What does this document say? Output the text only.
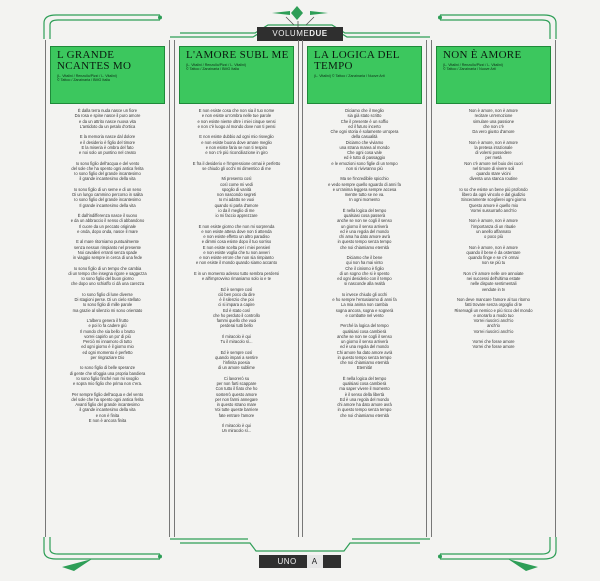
VOLUMEDUE
L GRANDE NCANTES MO
(L. Vitalini / Renzullo/Pizzi / L. Vitalini)
© Tattoo / Zanzinaria / BMG Italia
È dalla terra nuda nasce un fiore
Da rosa e spine nasce il puro amore
e da un attrito nasce nuova vita
L'antidoto da un petalo d'ortica
E la memoria nasce dal dolore
e il desiderio è figlio del timore
E la miseria è ombra del fato
e noi solo un puntino nel creato
Io sono figlio dell'acqua e del vento
del sole che ha spento ogni antica ferita
Io sono figlio del grande incantesimo
il grande incantesimo della vita
Io sono figlio di un seme e di un seno
Di un lungo cammino percorso in salita
Io sono figlio del grande incantesimo
Il grande incantesimo della vita
È dall'indifferenza nasce il suono
e da un abbraccio il senso di abbandono
Il cuore da un peccato originale
e onda, dopo onda, nasce il mare
E al mare ritorniamo puntualmente
senza nessun rimpianto nel presente
Noi cavalieri erranti senza spade
in viaggio sempre in cerca di una fede
Io sono figlio di un tempo che cambia
di un tempo che insegna rigore e saggezza
Io sono figlio del buon giorno
che dopo uno schiaffo ci dà una carezza
Io sono figlio di lune diverse
Di stagioni perse. Di un cielo stellato
Io sono figlio di mille parole
ma grazie al silenzio mi sono orientato
L'albero genera il frutto
e poi lo fa cadere giù
Il mondo che sia bello o brutto
vorrei capirlo un po' di più
Perciò mi innamoro di tutto
ed ogni giorno è il giorno mio
ed ogni momento è perfetto
per ringraziare Dio
Io sono figlio di belle speranze
di gente che sfoggia una propria bandiera
Io sono figlio finché non mi svoglio
e sopra mio figlio che prima non c'era.
Per sempre figlio dell'acqua e del vento
del sole che ha spento ogni antica ferita
Avanti figlio del grande incantesimo
il grande incantesimo della vita
e non è finita
E non è ancora finita
L'AMORE SUBL ME
(L. Vitalini / Renzullo/Pizzi / L. Vitalini)
© Tattoo / Zanzinaria / BMG Italia
E non esiste cosa che non sia il tuo nome
e non esiste un'ombra nelle tue parole
e non esiste niente oltre i miei cinque sensi
e non c'è luogo al mondo dove non ti pensi
E non esiste dubbio ad ogni mio risveglio
e non esiste buona dove amare meglio
e non esiste faria se non ti respiro
e non c'è più riconciliazione in giro
E fra il desiderio e l'impressione ormai è perfetto
se chiudo gli occhi mi dimentico di me
Mi presento così
così come mi vedi
spoglio di vanità
non nascondo segreti
Io mi adatto se vuoi
quando si parla d'amore
io da il meglio di me
io mi faccio apprezzare
E non esiste giorno che non mi sorprenda
e non esiste attesa dove non ti attenda
e non esiste effetto un altro paradiso
e dimmi cosa esiste dopo il tuo sorriso
E non esiste scelta per i miei pensieri
e non esiste voglia che tu non avveri
e non esiste errore che non sia rimpianto
e non esiste il mondo quando siamo accanto
E in un momento adesso tutto sembra perdersi
e all'improvviso rimaniamo solo io e te
Ed è sempre così
ciò ben poco da dire
è il silenzio che poi
ci si impara a capire
Ed è stato così
che ho perduto il controllo
fammi quello che vuoi
perderai tutti bello
Il miracolo è qui
Tu il miracolo sì...
Ed è sempre così
quando impari a sentire
l'infinita poesia
di un amore sublime
Ci lavorerò su
per non farti scappare
Con tutto il fiato che ho
sosterrò questo amore
per non farmi annegare
in questo strano mare
Voi tutte queste barriere
fate entrare l'amore
Il miracolo è qui
Un miracolo sì...
LA LOGICA DEL TEMPO
(L. Vitalini) © Tattoo / Zanzinaria / Nuove Arti
Diciamo che il meglio
sia già stato scritto
Che il presente è un soffio
ed il futuro incerto
Che ogni storia è solamente un'opera
della casualità
Diciamo che viviamo
una strana marea al mondo
Che ogni cosa vale
ed è tutto di passaggio
e le emozioni sono figlie di un tempo
non si rivivranno più
Ma se l'incredibile spicchio
e vedo sempre quello sguardo di anni fa
e un'anima leggera sempre accesa
mentre tutto se ne va.
In ogni momento
È nella logica del tempo
qualsiasi cosa passerà
anche se non ne cogli il senso
un giorno il senso arriverà
ed è una regola del mondo
chi ama ha dato amore avrà
in questo tempo senza tempo
che noi chiamiamo eternità
Diciamo che il bene
qui non ha mai vinto
Che il cinismo è figlio
di un sogno che si è spento
ed ogni desiderio con il tempo
si nasconde alla realtà
Io invece chiudo gli occhi
e ho sempre l'entusiasmo di anni fa
La mia anima non cambia
sogna ancora, sogna e sognerà
e combatte nel vento
Perché la logica del tempo
qualsiasi cosa cambierà
anche se non ne cogli il senso
un giorno il senso arriverà
ed è una regola del mondo
Chi amore ha dato amore avrà
in questo tempo senza tempo
che noi chiamiamo eternità
Eternità!
È nella logica del tempo
qualsiasi cosa cambierà
ma saper vivere il momento
è il senso della libertà
Ed è una regola del mondo
chi amore ha dato amore avrà
in questo tempo senza tempo
che noi chiamiamo eternità
NON È AMORE
(L. Vitalini / Renzullo/Pizzi / L. Vitalini)
© Tattoo / Zanzinaria / Nuove Arti
Non è amore, non è amore
recitare un'emozione
simulare una passione
che non c'è
Da vero giusto d'amore
Non è amore, non è amore
la pretesa irrazionale
di volersi possedere
per metà
Non c'è amore nel buio dei cuori
nel timore di vivere soli
quando stare vicini
diventa una stanca routine
Io so che esiste un bene più profondo
libero da ogni vincolo e dal giudizio
Sinceramente sceglierei ogni giorno
Questo amore è quello mio
Vorrei sussurrarlo anch'io
Non è amore, non è amore
l'importanza di un rituale
un anello affannato
o poco più
Non è amore, non è amore
quando il bene è da ostentare
quando finge e se c'è ormai
non se più tu
Non c'è amore nelle ore annoiate
nei successi dell'ultima estate
nelle dispute sentimentali
vendute in tv
Non deve mancare l'amore al tuo ritorno
fatti trovare senza orgoglio di te
Riservagli un nemico e più ricco del mondo
e onorarlo a modo tuo
Vorrei riuscirci anch'io
anch'io
Vorrei riuscirci anch'io
Vorrei che fosse amore
Vorrei che fosse amore
UNO A
